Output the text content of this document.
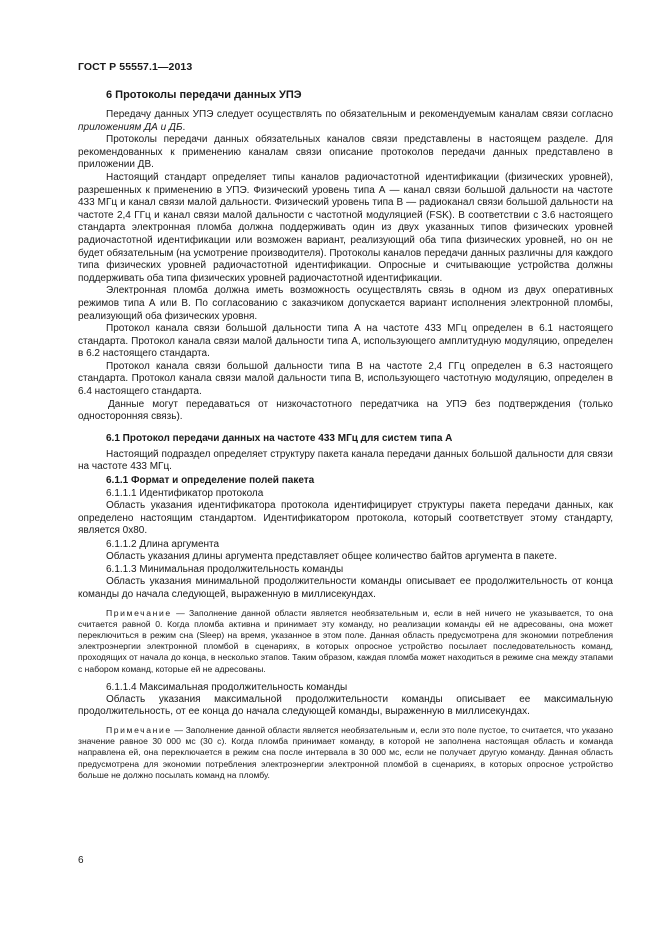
ГОСТ Р 55557.1—2013
6 Протоколы передачи данных УПЭ

Передачу данных УПЭ следует осуществлять по обязательным и рекомендуемым каналам связи согласно приложениям ДА и ДБ.

Протоколы передачи данных обязательных каналов связи представлены в настоящем разделе. Для рекомендованных к применению каналам связи описание протоколов передачи данных представлено в приложении ДВ.

Настоящий стандарт определяет типы каналов радиочастотной идентификации (физических уровней), разрешенных к применению в УПЭ. Физический уровень типа А — канал связи большой дальности на частоте 433 МГц и канал связи малой дальности. Физический уровень типа В — радиоканал связи большой дальности на частоте 2,4 ГГц и канал связи малой дальности с частотной модуляцией (FSK). В соответствии с 3.6 настоящего стандарта электронная пломба должна поддерживать один из двух указанных типов физических уровней радиочастотной идентификации или возможен вариант, реализующий оба типа физических уровней, но он не будет обязательным (на усмотрение производителя). Протоколы каналов передачи данных различны для каждого типа физических уровней радиочастотной идентификации. Опросные и считывающие устройства должны поддерживать оба типа физических уровней радиочастотной идентификации.

Электронная пломба должна иметь возможность осуществлять связь в одном из двух оперативных режимов типа А или В. По согласованию с заказчиком допускается вариант исполнения электронной пломбы, реализующий оба физических уровня.

Протокол канала связи большой дальности типа А на частоте 433 МГц определен в 6.1 настоящего стандарта. Протокол канала связи малой дальности типа А, использующего амплитудную модуляцию, определен в 6.2 настоящего стандарта.

Протокол канала связи большой дальности типа В на частоте 2,4 ГГц определен в 6.3 настоящего стандарта. Протокол канала связи малой дальности типа В, использующего частотную модуляцию, определен в 6.4 настоящего стандарта.

Данные могут передаваться от низкочастотного передатчика на УПЭ без подтверждения (только односторонняя связь).

6.1 Протокол передачи данных на частоте 433 МГц для систем типа А

Настоящий подраздел определяет структуру пакета канала передачи данных большой дальности для связи на частоте 433 МГц.

6.1.1 Формат и определение полей пакета
6.1.1.1 Идентификатор протокола

Область указания идентификатора протокола идентифицирует структуры пакета передачи данных, как определено настоящим стандартом. Идентификатором протокола, который соответствует этому стандарту, является 0х80.

6.1.1.2 Длина аргумента

Область указания длины аргумента представляет общее количество байтов аргумента в пакете.

6.1.1.3 Минимальная продолжительность команды

Область указания минимальной продолжительности команды описывает ее продолжительность от конца команды до начала следующей, выраженную в миллисекундах.

Примечание — Заполнение данной области является необязательным и, если в ней ничего не указывается, то она считается равной 0. Когда пломба активна и принимает эту команду, но реализации команды ей не адресованы, она может переключиться в режим сна (Sleep) на время, указанное в этом поле. Данная область предусмотрена для экономии потребления электроэнергии электронной пломбой в сценариях, в которых опросное устройство посылает последовательность команд, проходящих от начала до конца, в несколько этапов. Таким образом, каждая пломба может находиться в режиме сна между этапами с набором команд, которые ей не адресованы.
6.1.1.4 Максимальная продолжительность команды

Область указания максимальной продолжительности команды описывает ее максимальную продолжительность, от ее конца до начала следующей команды, выраженную в миллисекундах.

Примечание — Заполнение данной области является необязательным и, если это поле пустое, то считается, что указано значение равное 30 000 мс (30 с). Когда пломба принимает команду, в которой не заполнена настоящая область и команда направлена ей, она переключается в режим сна после интервала в 30 000 мс, если не получает другую команду. Данная область предусмотрена для экономии потребления электроэнергии электронной пломбой в сценариях, в которых опросное устройство больше не должно посылать команд на пломбу.
6
